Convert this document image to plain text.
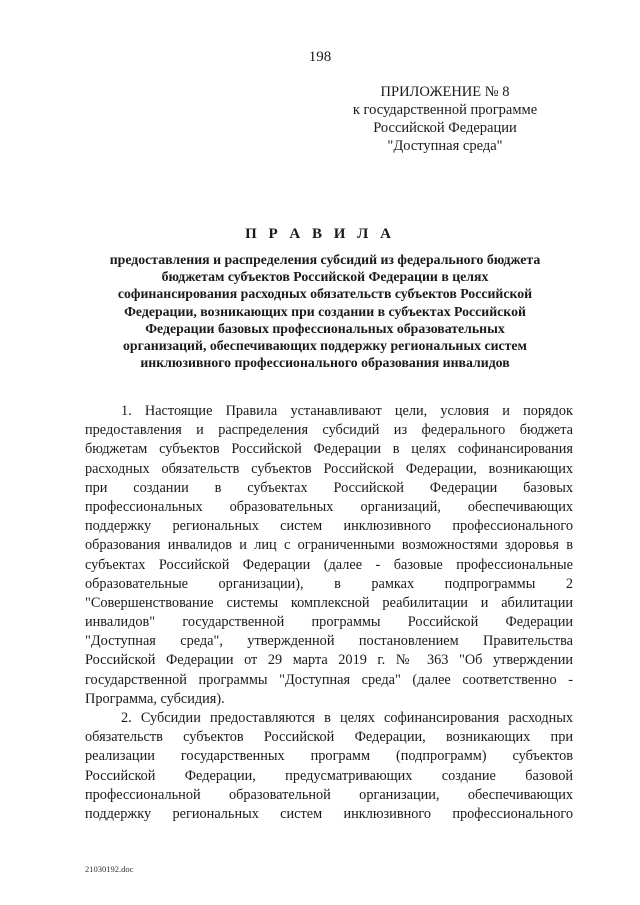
198
ПРИЛОЖЕНИЕ № 8
к государственной программе
Российской Федерации
"Доступная среда"
П Р А В И Л А
предоставления и распределения субсидий из федерального бюджета
бюджетам субъектов Российской Федерации в целях
софинансирования расходных обязательств субъектов Российской
Федерации, возникающих при создании в субъектах Российской
Федерации базовых профессиональных образовательных
организаций, обеспечивающих поддержку региональных систем
инклюзивного профессионального образования инвалидов
1. Настоящие Правила устанавливают цели, условия и порядок
предоставления и распределения субсидий из федерального бюджета
бюджетам субъектов Российской Федерации в целях софинансирования
расходных обязательств субъектов Российской Федерации, возникающих
при создании в субъектах Российской Федерации базовых
профессиональных образовательных организаций, обеспечивающих
поддержку региональных систем инклюзивного профессионального
образования инвалидов и лиц с ограниченными возможностями здоровья в
субъектах Российской Федерации (далее - базовые профессиональные
образовательные организации), в рамках подпрограммы 2
"Совершенствование системы комплексной реабилитации и абилитации
инвалидов" государственной программы Российской Федерации
"Доступная среда", утвержденной постановлением Правительства
Российской Федерации от 29 марта 2019 г. № 363 "Об утверждении
государственной программы "Доступная среда" (далее соответственно -
Программа, субсидия).
2. Субсидии предоставляются в целях софинансирования расходных
обязательств субъектов Российской Федерации, возникающих при
реализации государственных программ (подпрограмм) субъектов
Российской Федерации, предусматривающих создание базовой
профессиональной образовательной организации, обеспечивающих
поддержку региональных систем инклюзивного профессионального
21030192.doc
